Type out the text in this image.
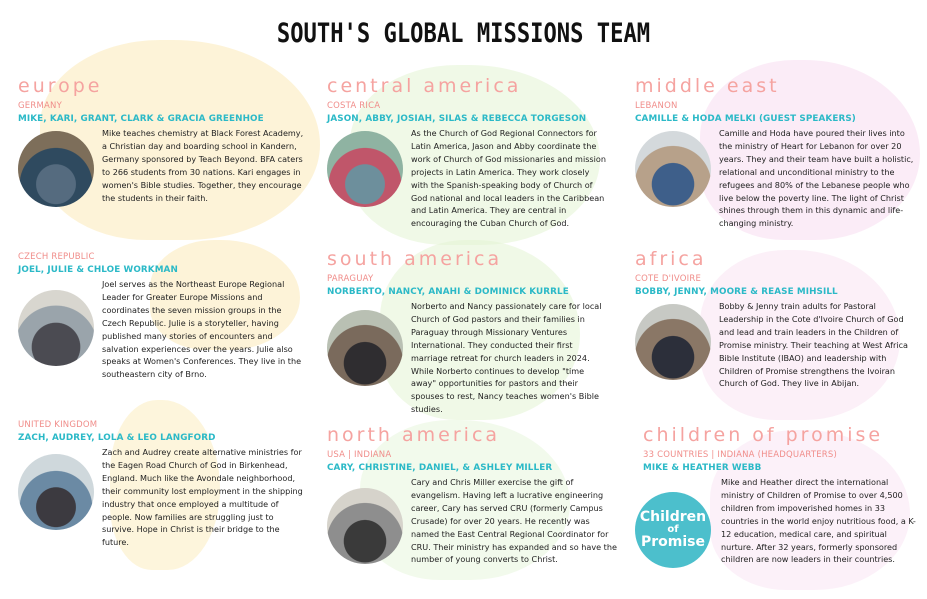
SOUTH'S GLOBAL MISSIONS TEAM
europe
GERMANY
MIKE, KARI, GRANT, CLARK & GRACIA GREENHOE
Mike teaches chemistry at Black Forest Academy, a Christian day and boarding school in Kandern, Germany sponsored by Teach Beyond. BFA caters to 266 students from 30 nations. Kari engages in women's Bible studies. Together, they encourage the students in their faith.
CZECH REPUBLIC
JOEL, JULIE & CHLOE WORKMAN
Joel serves as the Northeast Europe Regional Leader for Greater Europe Missions and coordinates the seven mission groups in the Czech Republic. Julie is a storyteller, having published many stories of encounters and salvation experiences over the years. Julie also speaks at Women's Conferences. They live in the southeastern city of Brno.
UNITED KINGDOM
ZACH, AUDREY, LOLA & LEO LANGFORD
Zach and Audrey create alternative ministries for the Eagen Road Church of God in Birkenhead, England. Much like the Avondale neighborhood, their community lost employment in the shipping industry that once employed a multitude of people. Now families are struggling just to survive. Hope in Christ is their bridge to the future.
central america
COSTA RICA
JASON, ABBY, JOSIAH, SILAS & REBECCA TORGESON
As the Church of God Regional Connectors for Latin America, Jason and Abby coordinate the work of Church of God missionaries and mission projects in Latin America. They work closely with the Spanish-speaking body of Church of God national and local leaders in the Caribbean and Latin America. They are central in encouraging the Cuban Church of God.
south america
PARAGUAY
NORBERTO, NANCY, ANAHI & DOMINICK KURRLE
Norberto and Nancy passionately care for local Church of God pastors and their families in Paraguay through Missionary Ventures International. They conducted their first marriage retreat for church leaders in 2024. While Norberto continues to develop "time away" opportunities for pastors and their spouses to rest, Nancy teaches women's Bible studies.
north america
USA | INDIANA
CARY, CHRISTINE, DANIEL, & ASHLEY MILLER
Cary and Chris Miller exercise the gift of evangelism. Having left a lucrative engineering career, Cary has served CRU (formerly Campus Crusade) for over 20 years. He recently was named the East Central Regional Coordinator for CRU. Their ministry has expanded and so have the number of young converts to Christ.
middle east
LEBANON
CAMILLE & HODA MELKI (GUEST SPEAKERS)
Camille and Hoda have poured their lives into the ministry of Heart for Lebanon for over 20 years. They and their team have built a holistic, relational and unconditional ministry to the refugees and 80% of the Lebanese people who live below the poverty line. The light of Christ shines through them in this dynamic and life-changing ministry.
africa
COTE D'IVOIRE
BOBBY, JENNY, MOORE & REASE MIHSILL
Bobby & Jenny train adults for Pastoral Leadership in the Cote d'Ivoire Church of God and lead and train leaders in the Children of Promise ministry. Their teaching at West Africa Bible Institute (IBAO) and leadership with Children of Promise strengthens the Ivoiran Church of God. They live in Abijan.
children of promise
33 COUNTRIES | INDIANA (HEADQUARTERS)
MIKE & HEATHER WEBB
Children
of
Promise
Mike and Heather direct the international ministry of Children of Promise to over 4,500 children from impoverished homes in 33 countries in the world enjoy nutritious food, a K-12 education, medical care, and spiritual nurture. After 32 years, formerly sponsored children are now leaders in their countries.
